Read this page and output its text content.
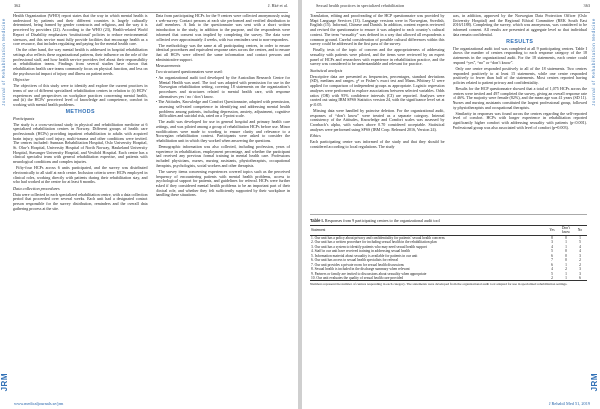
362	J. Rké et al.
Journal of Rehabilitation Medicine
JRM

Health Organization (WHO) report states that the way in which mental health is understood by patients and their different countries is largely culturally determined, being framed by gender constructs and religious, and the way it is perceived by providers (22). According to the WHO (23), Health-related World Report of Disability emphasizes ‘institutional’ policies to reduce environmental stressors, and this service must fully provide facilities that encourage health as a core resource, that includes regulating and paying for the mental health care.

On the other hand, the way mental health is addressed in hospital rehabilitation settings also reflects these organizational patterns, their influence on the role of the professional staff, and how health service providers feel about their responsibility as rehabilitation teams. Findings from several studies have shown that rehabilitation health care teams commonly focus on physical function, and less on the psychosocial impact of injury and illness on patient needs.

Objective

The objectives of this study were to identify and explore the current practices in terms of use of different specialized rehabilitation centres in relation to (i) HCPs’ experiences and perspectives on workplace practices concerning mental health, and (ii) the HCPs’ perceived level of knowledge and competence, comfort in working with mental health problems.

METHODS
Participants

The study is a cross-sectional study in physical and rehabilitation medicine at 6 specialized rehabilitation centres in Norway. Different groups of health care professionals (HCPs) providing inpatient rehabilitation to adults with acquired brain injury, spinal cord injury, multi-trauma and other conditions were invited. The centres included: Sunnaas Rehabilitation Hospital, Oslo University Hospital, St. Olav’s Hospital, University Hospital of North Norway, Haukeland University Hospital, Stavanger University Hospital, and Vestfold Hospital. Each centre has a clinical specialist team with general rehabilitation expertise, and patients with neurological conditions and complex injuries.

Fifty-four HCPs across 6 units participated, and the survey was distributed electronically to all staff at each centre. Inclusion criteria were: HCPs employed in clinical roles, working directly with patients during their rehabilitation stay, and who had worked at the centre for at least 6 months.

Data collection procedures

Data were collected in each specialized rehabilitation centre, with a data collection period that proceeded over several weeks. Each unit had a designated contact person responsible for the survey distribution, reminders and the overall data gathering process at the site.

Data from participating HCPs for the 9 centres were collected anonymously using a web-survey. Contact persons at each site performed and verified distribution to staff members. A link to the questionnaire was sent with a short written introduction to the study, in addition to the purpose, and the respondents were informed that consent was implied by completing the survey. The data were collected over approximately 4 weeks, with two reminders sent to non-responders.

The methodology was the same at all participating centres, in order to ensure identical procedures and equivalent response rates across the centres, and to ensure that all HCPs were offered the same information and contact persons and administrative support.

Measurements

Two structured questionnaires were used:

• An organizational audit tool developed by the Australian Research Centre for Mental Health was used. The tool was adapted with permission for use in the Norwegian rehabilitation setting, covering 18 statements on the organization’s procedures and structures related to mental health care, with response alternatives yes / no / don’t know.
• The Attitudes, Knowledge and Comfort Questionnaire, adapted with permission, assessing self-rated competence in identifying and addressing mental health problems among patients, including depression, anxiety, adjustment, cognitive difficulties and suicidal risk, rated on a 5-point scale.

The audit was developed for use in general hospital and primary health care settings, and was piloted among a group of rehabilitation HCPs before use. Minor modifications were made to wording to ensure clarity and relevance to a Norwegian rehabilitation context. Participants were asked to consider the rehabilitation unit in which they worked when answering the questions.

Demographic information was also collected, including profession, years of experience in rehabilitation, employment percentage, and whether the participant had received any previous formal training in mental health care. Professions included physicians, nurses, nursing assistants, physiotherapists, occupational therapists, psychologists, social workers and other therapists.

The survey items concerning experiences covered topics such as the perceived frequency of encountering patients with mental health problems, access to psychological support for patients, and guidelines for referral. HCPs were further asked if they considered mental health problems to be an important part of their clinical role, and whether they felt sufficiently supported by their workplace in handling these situations.

www.medicaljournals.se/jrm
Sexual health practices in specialized rehabilitation	363
Journal of Rehabilitation Medicine
JRM

Translation, editing and proofreading of the HCP questionnaire was provided by Mapi Language Services (13). Language versions were in Norwegian, Swedish, English (15). Informal, Chinese and Danish. In addition, content experts reviewed and revised the questionnaire to ensure it was adapted to each country’s cultural context. The term “sexuality” was defined in a way that allowed all respondents a common ground. Careful consideration of possible cultural differences within this survey could be addressed in the first pass of the survey.

Finally, tests of the topic of concern and the appropriateness of addressing sexuality with patients were piloted, and the items were reviewed by an expert panel of HCPs and researchers with experience in rehabilitation practice, and the survey was considered to be understandable and relevant for practice.

Statistical analysis

Descriptive data are presented as frequencies, percentages, standard deviations (SD), medians and ranges. χ² or Fisher’s exact test and Mann–Whitney U were applied for comparison of independent groups as appropriate. Logistic regression analyses were performed to explore associations between selected variables. Odds ratios (OR) with 95% confidence intervals (CI) are reported. Analyses were carried out using IBM SPSS Statistics version 24, with the significance level set at p<0.05.

Missing data were handled by pairwise deletion. For the organizational audit, responses of “don’t know” were treated as a separate category. Internal consistency of the Attitudes, Knowledge and Comfort scales was assessed by Cronbach’s alpha, with values above 0.70 considered acceptable. Statistical analyses were performed using SPSS (IBM Corp. Released 2016, Version 24).

Ethics

Each participating centre was informed of the study and that they should be considered according to local regulations. The study

was, in addition, approved by the Norwegian Data Protection Officer (Oslo University Hospital) and the Regional Ethical Committee (REK South East 2016/1188). Completing the survey, which was anonymous, was considered to be informed consent. All results are presented at aggregate level so that individual data remain confidential.

RESULTS

The organizational audit tool was completed at all 9 participating centres. Table I shows the number of centres responding to each response category of the 18 statements in the organizational audit. For the 18 statements, each centre could respond “yes”, “no” or “don’t know”.

Only one centre responded positively to all of the 18 statements. Two centres responded positively to at least 15 statements, while one centre responded positively to fewer than half of the statements. Most centres reported having policies related to patient privacy and confidentiality.

Results for the HCP questionnaire showed that a total of 1,075 HCPs across the centres were invited and 497 completed the survey, giving an overall response rate of 46%. The majority were female (82%), and the mean age was 41 years (SD 11). Nurses and nursing assistants constituted the largest professional group, followed by physiotherapists and occupational therapists.

Similarity in responses was found across the centres regarding the self-reported level of comfort. HCPs with longer experience in rehabilitation reported significantly higher comfort with addressing sexuality with patients (p<0.001). Professional group was also associated with level of comfort (p=0.003).

Table I. Responses from 9 participating centres to the organizational audit tool
Statement	Yes	Don’t know	No
1. Our unit has a policy about privacy and confidentiality for patients’ sexual health concerns	8	0	1
2. Our unit has a written procedure for including sexual health in the rehabilitation plan	3	1	5
3. Our unit has a system to identify patients who may need sexual health support	4	1	4
4. Staff in our unit have received training in addressing sexual health	5	0	4
5. Information material about sexuality is available for patients in our unit	6	0	3
6. Our unit has access to sexual health specialists for referral	7	0	2
7. Our unit provides a private room for sexual health discussions	6	1	2
8. Sexual health is included in the discharge summary when relevant	4	2	3
9. Partners or family are invited to discussions about sexuality when appropriate	5	1	3
10. Our unit evaluates the quality of sexual health care provided	2	1	6
Numbers represent the number of centres responding in each category. The statements were developed from the organizational audit tool adapted for use in specialized rehabilitation settings.
J Rehabil Med 51, 2019
